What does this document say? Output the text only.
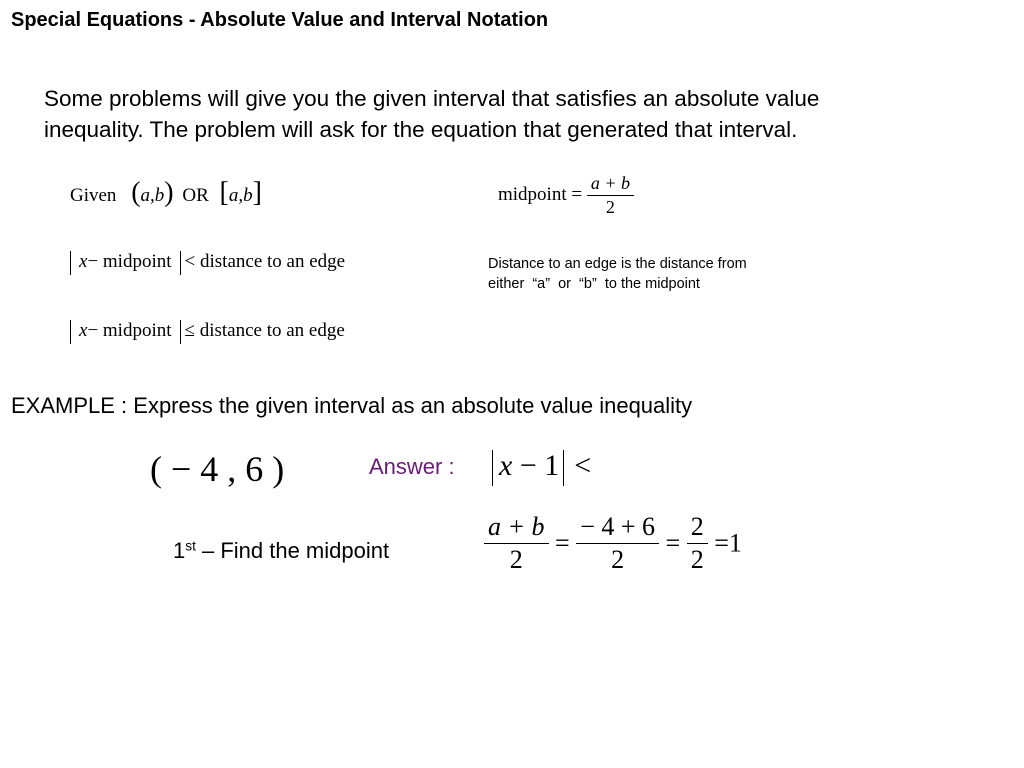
Special Equations - Absolute Value and Interval Notation
Some problems will give you the given interval that satisfies an absolute value
inequality. The problem will ask for the equation that generated that interval.
Given (a,b) OR [a,b]	midpoint = $\frac{a + b}{2}$
x− midpoint < distance to an edge	Distance to an edge is the distance from
either  “a”  or  “b”  to the midpoint
x− midpoint ≤ distance to an edge
EXAMPLE : Express the given interval as an absolute value inequality
( − 4 , 6 )	Answer : x − 1 <
1st – Find the midpoint	$\frac{a + b}{2} = \frac{- 4 + 6}{2} = \frac{2}{2} =1$
